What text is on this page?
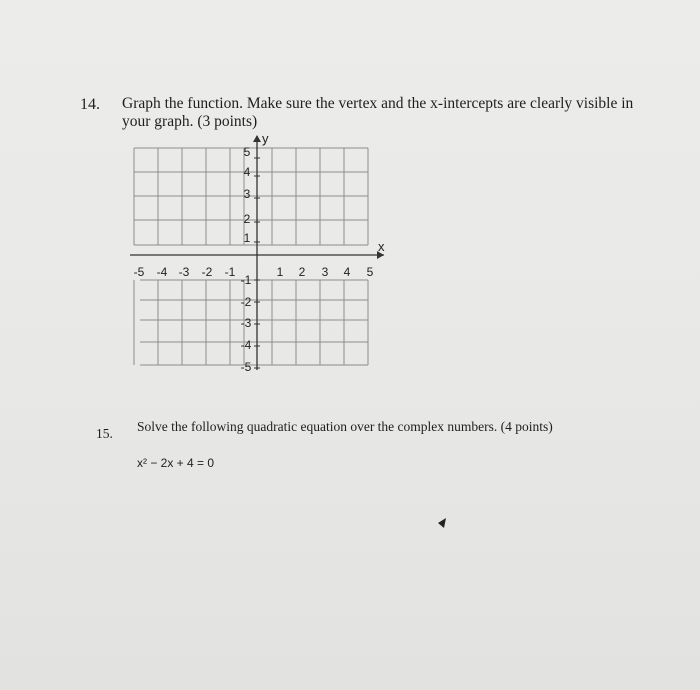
14. Graph the function. Make sure the vertex and the x-intercepts are clearly visible in
your graph. (3 points)
-5 -4 -3 -2 -1	1 2 3 4 5
5
4
3
2
1
-1
-2
-3
-4
-5
y
x
15. Solve the following quadratic equation over the complex numbers. (4 points)
x² − 2x + 4 = 0
